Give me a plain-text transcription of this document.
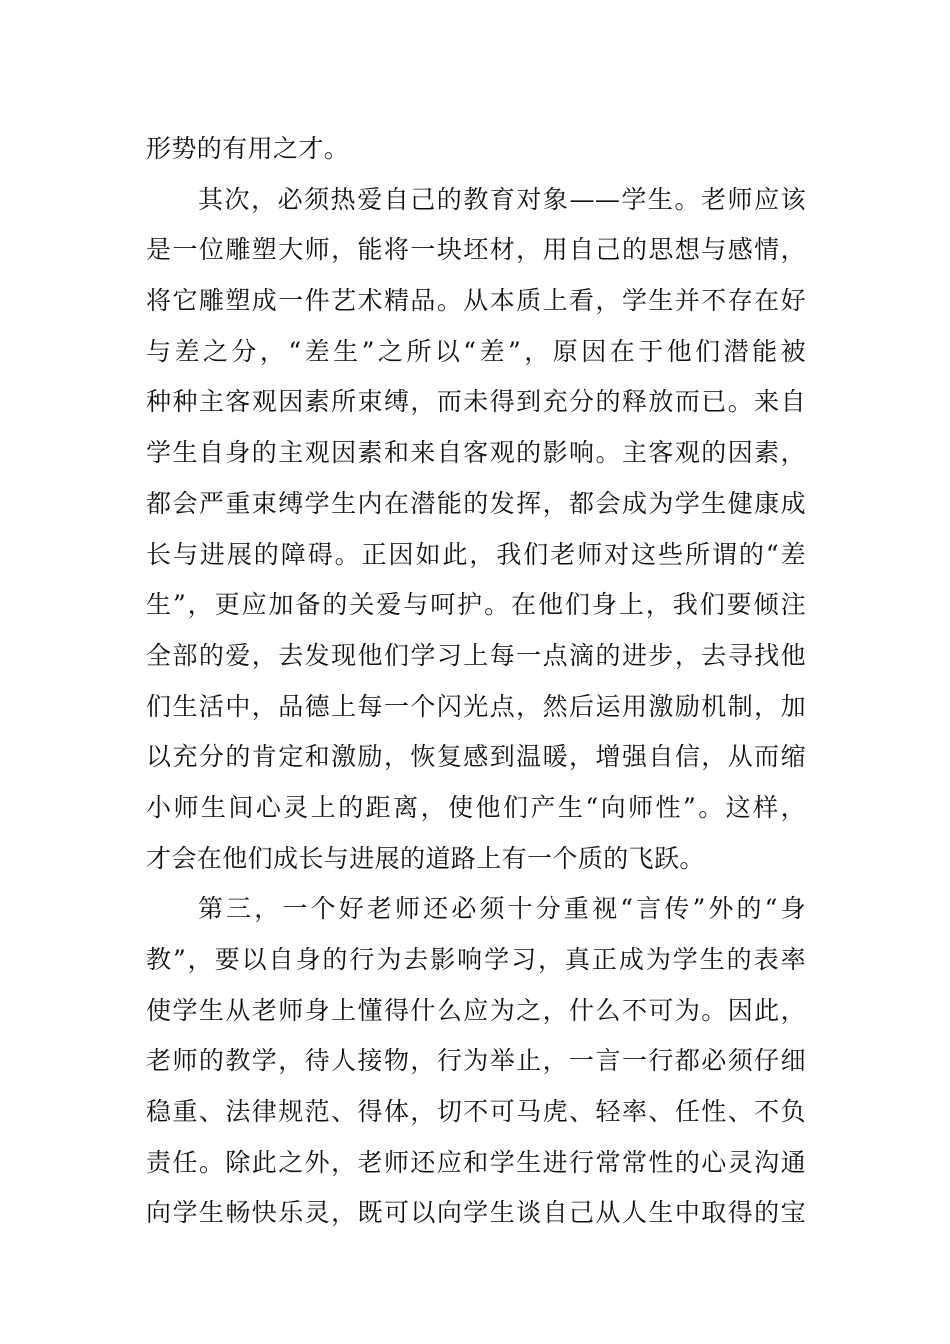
形势的有用之才。
其次，必须热爱自己的教育对象——学生。老师应该
是一位雕塑大师，能将一块坯材，用自己的思想与感情，
将它雕塑成一件艺术精品。从本质上看，学生并不存在好
与差之分，“差生”之所以“差”，原因在于他们潜能被
种种主客观因素所束缚，而未得到充分的释放而已。来自
学生自身的主观因素和来自客观的影响。主客观的因素，
都会严重束缚学生内在潜能的发挥，都会成为学生健康成
长与进展的障碍。正因如此，我们老师对这些所谓的“差
生”，更应加备的关爱与呵护。在他们身上，我们要倾注
全部的爱，去发现他们学习上每一点滴的进步，去寻找他
们生活中，品德上每一个闪光点，然后运用激励机制，加
以充分的肯定和激励，恢复感到温暖，增强自信，从而缩
小师生间心灵上的距离，使他们产生“向师性”。这样，
才会在他们成长与进展的道路上有一个质的飞跃。
第三，一个好老师还必须十分重视“言传”外的“身
教”，要以自身的行为去影响学习，真正成为学生的表率
使学生从老师身上懂得什么应为之，什么不可为。因此，
老师的教学，待人接物，行为举止，一言一行都必须仔细
稳重、法律规范、得体，切不可马虎、轻率、任性、不负
责任。除此之外，老师还应和学生进行常常性的心灵沟通
向学生畅快乐灵，既可以向学生谈自己从人生中取得的宝
